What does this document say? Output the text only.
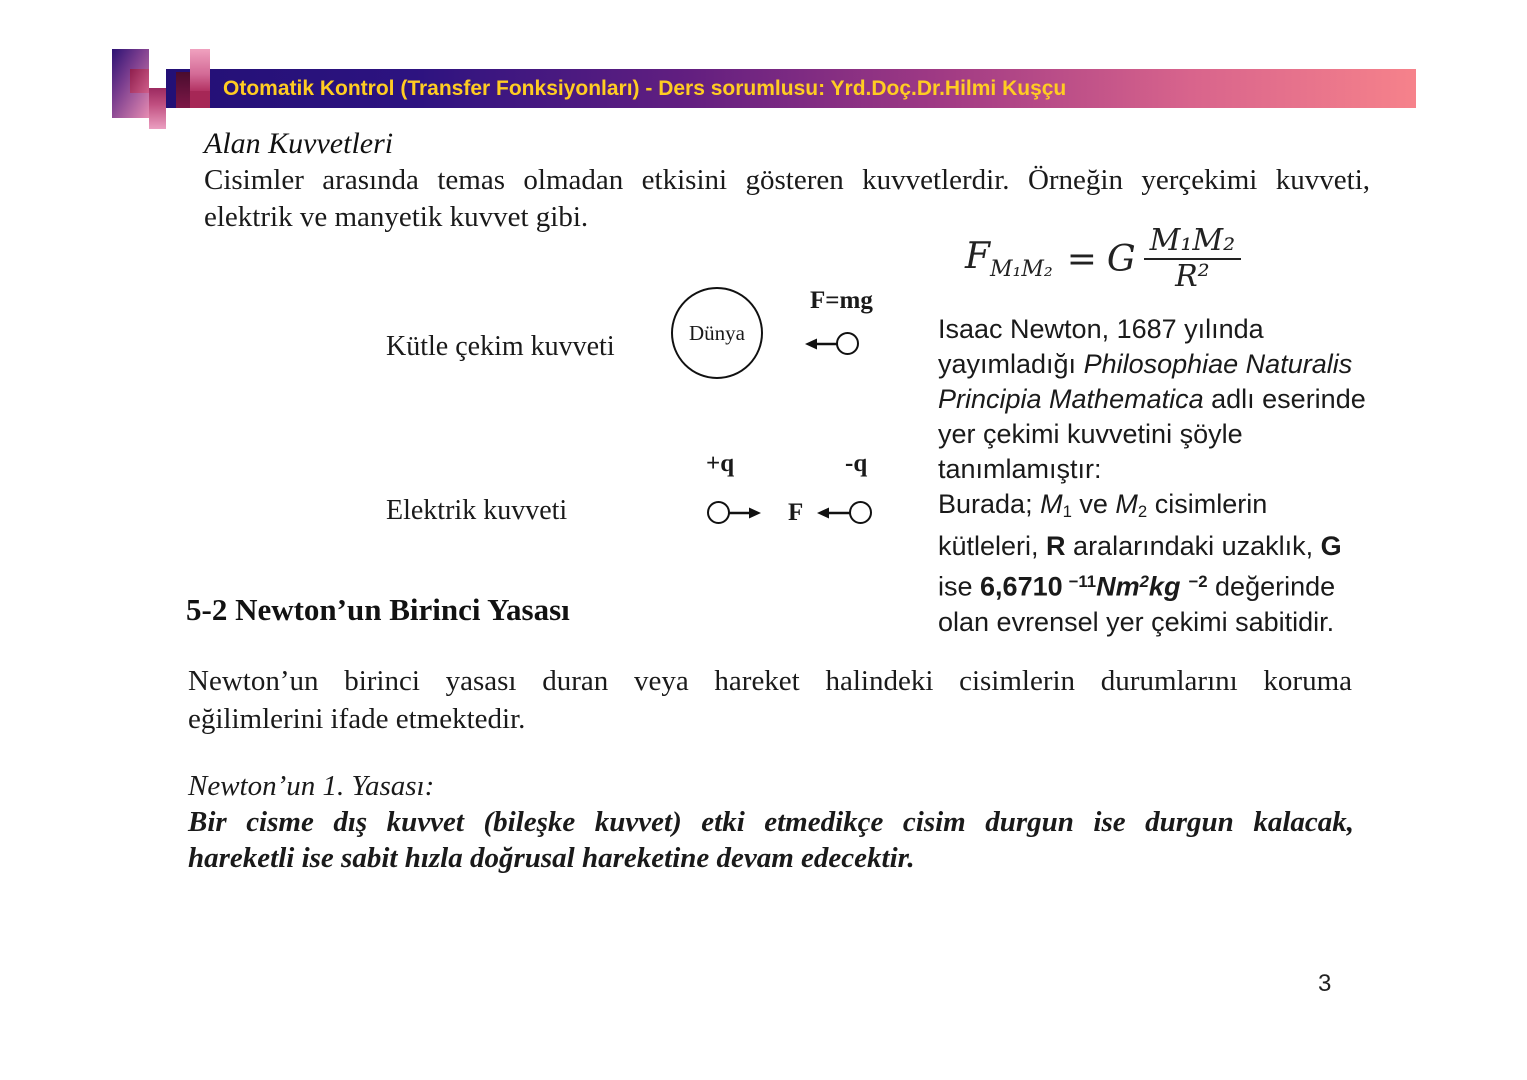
Otomatik Kontrol (Transfer Fonksiyonları) - Ders sorumlusu: Yrd.Doç.Dr.Hilmi Kuşçu
Alan Kuvvetleri
Cisimler arasında temas olmadan etkisini gösteren kuvvetlerdir. Örneğin yerçekimi kuvveti,
elektrik ve manyetik kuvvet gibi.
$F_{M_1M_2} = G \frac{\text{M₁M₂}}{\text{R²}}$
Kütle çekim kuvveti	Dünya
F=mg
+q	-q
Elektrik kuvveti	F
Isaac Newton, 1687 yılında
yayımladığı Philosophiae Naturalis
Principia Mathematica adlı eserinde
yer çekimi kuvvetini şöyle
tanımlamıştır:
Burada; $M_1$ ve $M_2$ cisimlerin
kütleleri, R aralarındaki uzaklık, G
ise 6,6710 $^{-11}$Nm$^2$kg $^{-2}$ değerinde
olan evrensel yer çekimi sabitidir.
5-2 Newton’un Birinci Yasası
Newton’un birinci yasası duran veya hareket halindeki cisimlerin durumlarını koruma
eğilimlerini ifade etmektedir.
Newton’un 1. Yasası:
Bir cisme dış kuvvet (bileşke kuvvet) etki etmedikçe cisim durgun ise durgun kalacak,
hareketli ise sabit hızla doğrusal hareketine devam edecektir.
3
